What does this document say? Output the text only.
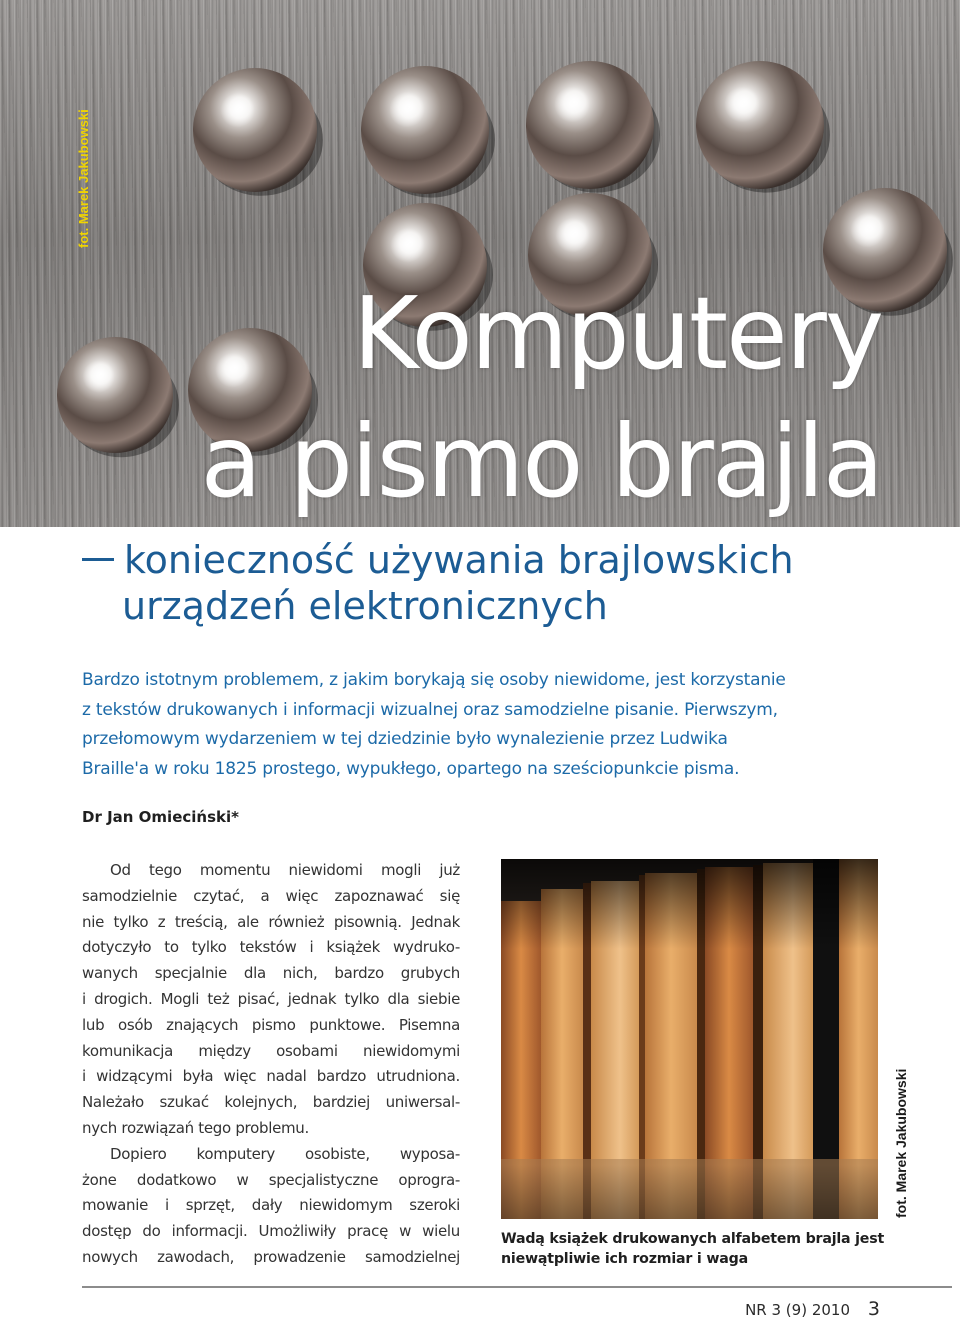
fot. Marek Jakubowski
Komputery
a pismo brajla
konieczność używania brajlowskich
urządzeń elektronicznych

Bardzo istotnym problemem, z jakim borykają się osoby niewidome, jest korzystanie
z tekstów drukowanych i informacji wizualnej oraz samodzielne pisanie. Pierwszym,
przełomowym wydarzeniem w tej dziedzinie było wynalezienie przez Ludwika
Braille'a w roku 1825 prostego, wypukłego, opartego na sześciopunkcie pisma.

Dr Jan Omieciński*

Od tego momentu niewidomi mogli już
samodzielnie czytać, a więc zapoznawać się
nie tylko z treścią, ale również pisownią. Jednak
dotyczyło to tylko tekstów i książek wydruko-
wanych specjalnie dla nich, bardzo grubych
i drogich. Mogli też pisać, jednak tylko dla siebie
lub osób znających pismo punktowe. Pisemna
komunikacja między osobami niewidomymi
i widzącymi była więc nadal bardzo utrudniona.
Należało szukać kolejnych, bardziej uniwersal-
nych rozwiązań tego problemu.
Dopiero komputery osobiste, wyposa-
żone dodatkowo w specjalistyczne oprogra-
mowanie i sprzęt, dały niewidomym szeroki
dostęp do informacji. Umożliwiły pracę w wielu
nowych zawodach, prowadzenie samodzielnej
fot. Marek Jakubowski

Wadą książek drukowanych alfabetem brajla jest
niewątpliwie ich rozmiar i waga

NR 3 (9) 2010 3
